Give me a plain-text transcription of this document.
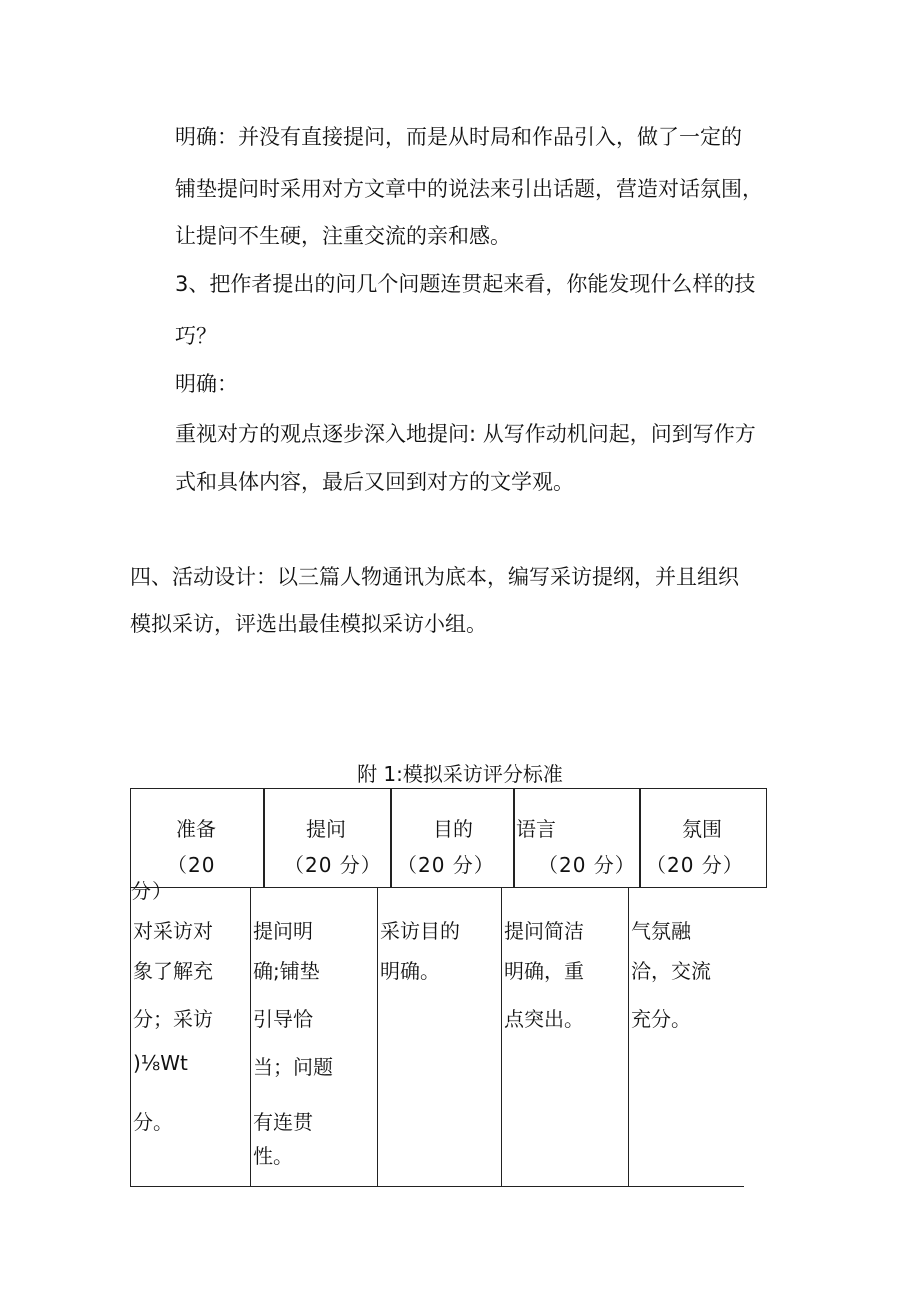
明确：并没有直接提问，而是从时局和作品引入，做了一定的
铺垫提问时采用对方文章中的说法来引出话题，营造对话氛围，
让提问不生硬，注重交流的亲和感。
3、把作者提出的问几个问题连贯起来看，你能发现什么样的技
巧？
明确：
重视对方的观点逐步深入地提问: 从写作动机问起，问到写作方
式和具体内容，最后又回到对方的文学观。
四、活动设计：以三篇人物通讯为底本，编写采访提纲，并且组织
模拟采访，评选出最佳模拟采访小组。
附 1:模拟采访评分标准
准备
（20
分）
提问
（20 分）
目的
（20 分）
语言
（20 分）
氛围
（20 分）
对采访对
象了解充
分；采访
)⅛Wt
分。
提问明
确;铺垫
引导恰
当；问题
有连贯
性。
采访目的
明确。
提问简洁
明确，重
点突出。
气氛融
洽，交流
充分。
